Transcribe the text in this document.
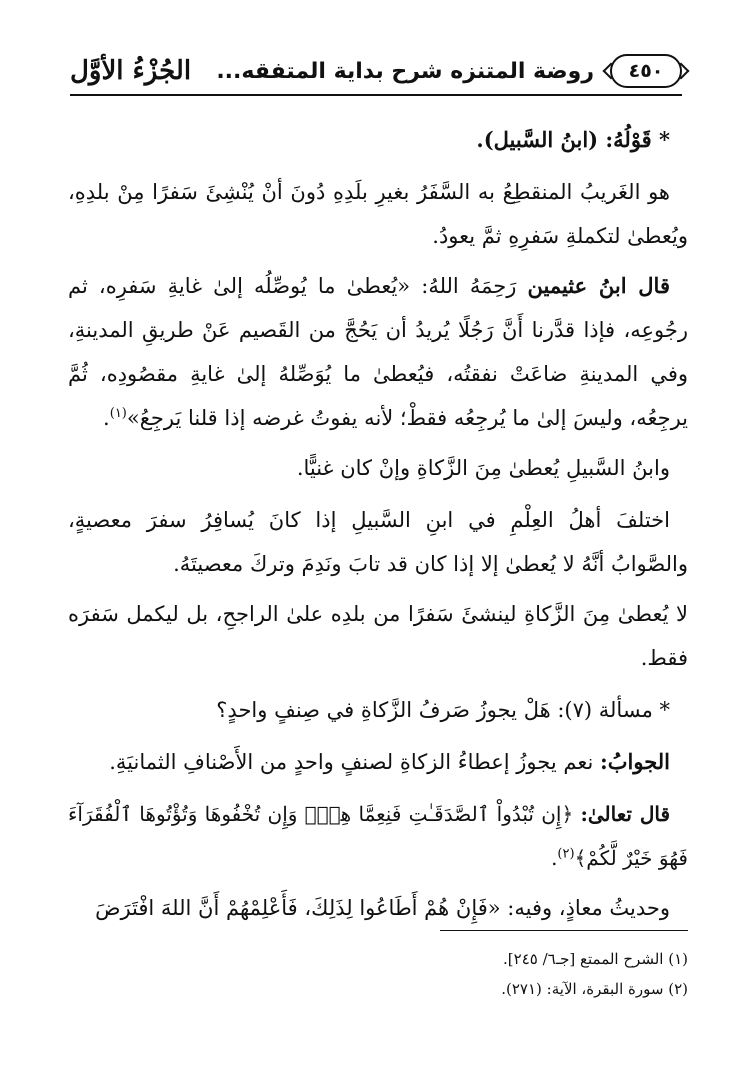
٤٥٠
روضة المتنزه شرح بداية المتفقه...
الجُزْءُ الأوَّل

* قَوْلُهُ: (ابنُ السَّبيل).

هو الغَريبُ المنقطِعُ به السَّفَرُ بغيرِ بلَدِهِ دُونَ أنْ يُنْشِئَ سَفرًا مِنْ بلدِهِ، ويُعطىٰ لتكملةِ سَفرِهِ ثمَّ يعودُ.

قال ابنُ عثيمين رَحِمَهُ اللهُ: «يُعطىٰ ما يُوصِّلُه إلىٰ غايةِ سَفرِه، ثم رجُوعِه، فإذا قدَّرنا أَنَّ رَجُلًا يُريدُ أن يَحُجَّ من القَصيم عَنْ طريقِ المدينةِ، وفي المدينةِ ضاعَتْ نفقتُه، فيُعطىٰ ما يُوَصِّلهُ إلىٰ غايةِ مقصُودِه، ثُمَّ يرجِعُه، وليسَ إلىٰ ما يُرجِعُه فقطْ؛ لأنه يفوتُ غرضه إذا قلنا يَرجِعُ»$^{(١)}$.

وابنُ السَّبيلِ يُعطىٰ مِنَ الزَّكاةِ وإنْ كان غنيًّا.

اختلفَ أهلُ العِلْمِ في ابنِ السَّبيلِ إذا كانَ يُسافِرُ سفرَ معصيةٍ، والصَّوابُ أنَّهُ لا يُعطىٰ إلا إذا كان قد تابَ ونَدِمَ وتركَ معصيتَهُ.

لا يُعطىٰ مِنَ الزَّكاةِ لينشئَ سَفرًا من بلدِه علىٰ الراجحِ، بل ليكمل سَفرَه فقط.

* مسألة (٧): هَلْ يجوزُ صَرفُ الزَّكاةِ في صِنفٍ واحدٍ؟

الجوابُ: نعم يجوزُ إعطاءُ الزكاةِ لصنفٍ واحدٍ من الأَصْنافِ الثمانيَةِ.

قال تعالىٰ: ﴿إِن تُبْدُواْ ٱلصَّدَقَـٰتِ فَنِعِمَّا هِيَۖ وَإِن تُخْفُوهَا وَتُؤْتُوهَا ٱلْفُقَرَآءَ فَهُوَ خَيْرٌ لَّكُمْ﴾$^{(٢)}$.

وحديثُ معاذٍ، وفيه: «فَإِنْ هُمْ أَطَاعُوا لِذَلِكَ، فَأَعْلِمْهُمْ أَنَّ اللهَ افْتَرَضَ

(١) الشرح الممتع [جـ٦/ ٢٤٥].

(٢) سورة البقرة، الآية: (٢٧١).
